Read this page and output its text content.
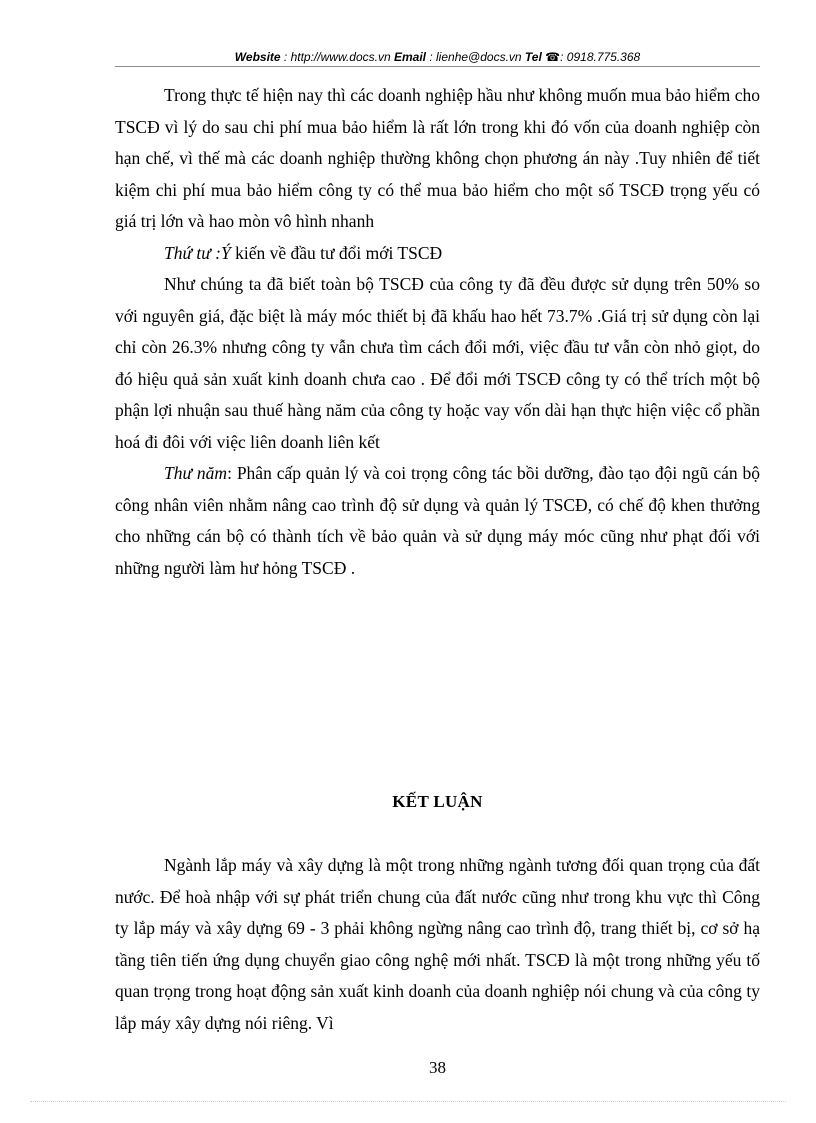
Website : http://www.docs.vn Email : lienhe@docs.vn Tel ☎: 0918.775.368

Trong thực tế hiện nay thì các doanh nghiệp hầu như không muốn mua bảo hiểm cho TSCĐ vì lý do sau chi phí mua bảo hiểm là rất lớn trong khi đó vốn của doanh nghiệp còn hạn chế, vì thế mà các doanh nghiệp thường không chọn phương án này .Tuy nhiên để tiết kiệm chi phí mua bảo hiểm công ty có thể mua bảo hiểm cho một số TSCĐ trọng yếu có giá trị lớn và hao mòn vô hình nhanh

Thứ tư :Ý kiến về đầu tư đổi mới TSCĐ

Như chúng ta đã biết toàn bộ TSCĐ của công ty đã đều được sử dụng trên 50% so với nguyên giá, đặc biệt là máy móc thiết bị đã khấu hao hết 73.7% .Giá trị sử dụng còn lại chỉ còn 26.3% nhưng công ty vẫn chưa tìm cách đổi mới, việc đầu tư vẫn còn nhỏ giọt, do đó hiệu quả sản xuất kinh doanh chưa cao . Để đổi mới TSCĐ công ty có thể trích một bộ phận lợi nhuận sau thuế hàng năm của công ty hoặc vay vốn dài hạn thực hiện việc cổ phần hoá đi đôi với việc liên doanh liên kết

Thư năm: Phân cấp quản lý và coi trọng công tác bồi dưỡng, đào tạo đội ngũ cán bộ công nhân viên nhằm nâng cao trình độ sử dụng và quản lý TSCĐ, có chế độ khen thưởng cho những cán bộ có thành tích về bảo quản và sử dụng máy móc cũng như phạt đối với những người làm hư hỏng TSCĐ .

KẾT LUẬN

Ngành lắp máy và xây dựng là một trong những ngành tương đối quan trọng của đất nước. Để hoà nhập với sự phát triển chung của đất nước cũng như trong khu vực thì Công ty lắp máy và xây dựng 69 - 3 phải không ngừng nâng cao trình độ, trang thiết bị, cơ sở hạ tầng tiên tiến ứng dụng chuyển giao công nghệ mới nhất. TSCĐ là một trong những yếu tố quan trọng trong hoạt động sản xuất kinh doanh của doanh nghiệp nói chung và của công ty lắp máy xây dựng nói riêng. Vì

38
